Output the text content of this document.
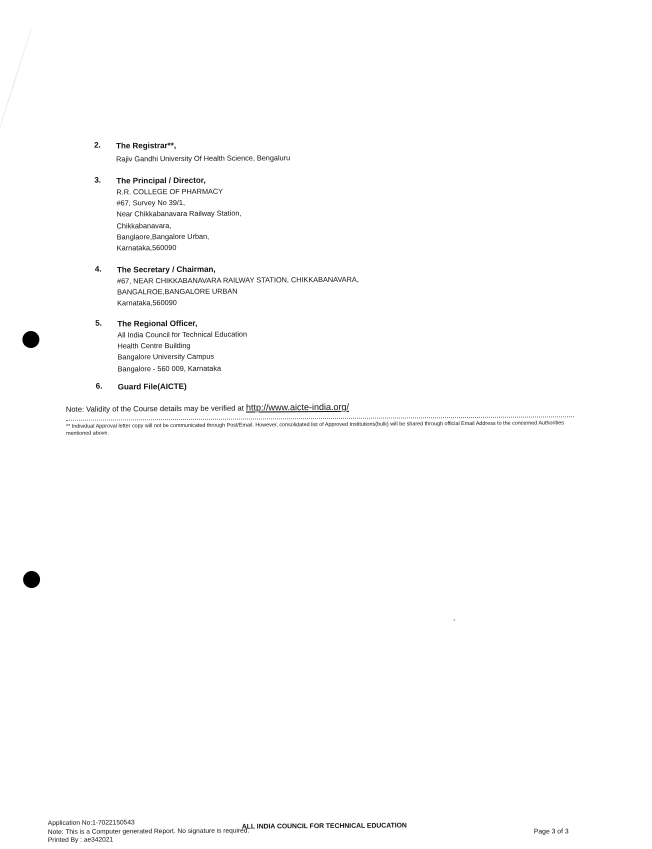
2. The Registrar**,
Rajiv Gandhi University Of Health Science, Bengaluru
3. The Principal / Director,
R.R. COLLEGE OF PHARMACY
#67, Survey No 39/1,
Near Chikkabanavara Railway Station,
Chikkabanavara,
Banglaore,Bangalore Urban,
Karnataka,560090
4. The Secretary / Chairman,
#67, NEAR CHIKKABANAVARA RAILWAY STATION, CHIKKABANAVARA,
BANGALROE,BANGALORE URBAN
Karnataka,560090
5. The Regional Officer,
All India Council for Technical Education
Health Centre Building
Bangalore University Campus
Bangalore - 560 009, Karnataka
6. Guard File(AICTE)
Note: Validity of the Course details may be verified at http://www.aicte-india.org/
** Individual Approval letter copy will not be communicated through Post/Email. However, consolidated list of Approved Institutions(bulk) will be shared through official Email Address to the concerned Authorities mentioned above.
Application No:1-7022150543
Note: This is a Computer generated Report. No signature is required.
Printed By : ae342021
ALL INDIA COUNCIL FOR TECHNICAL EDUCATION
Page 3 of 3
